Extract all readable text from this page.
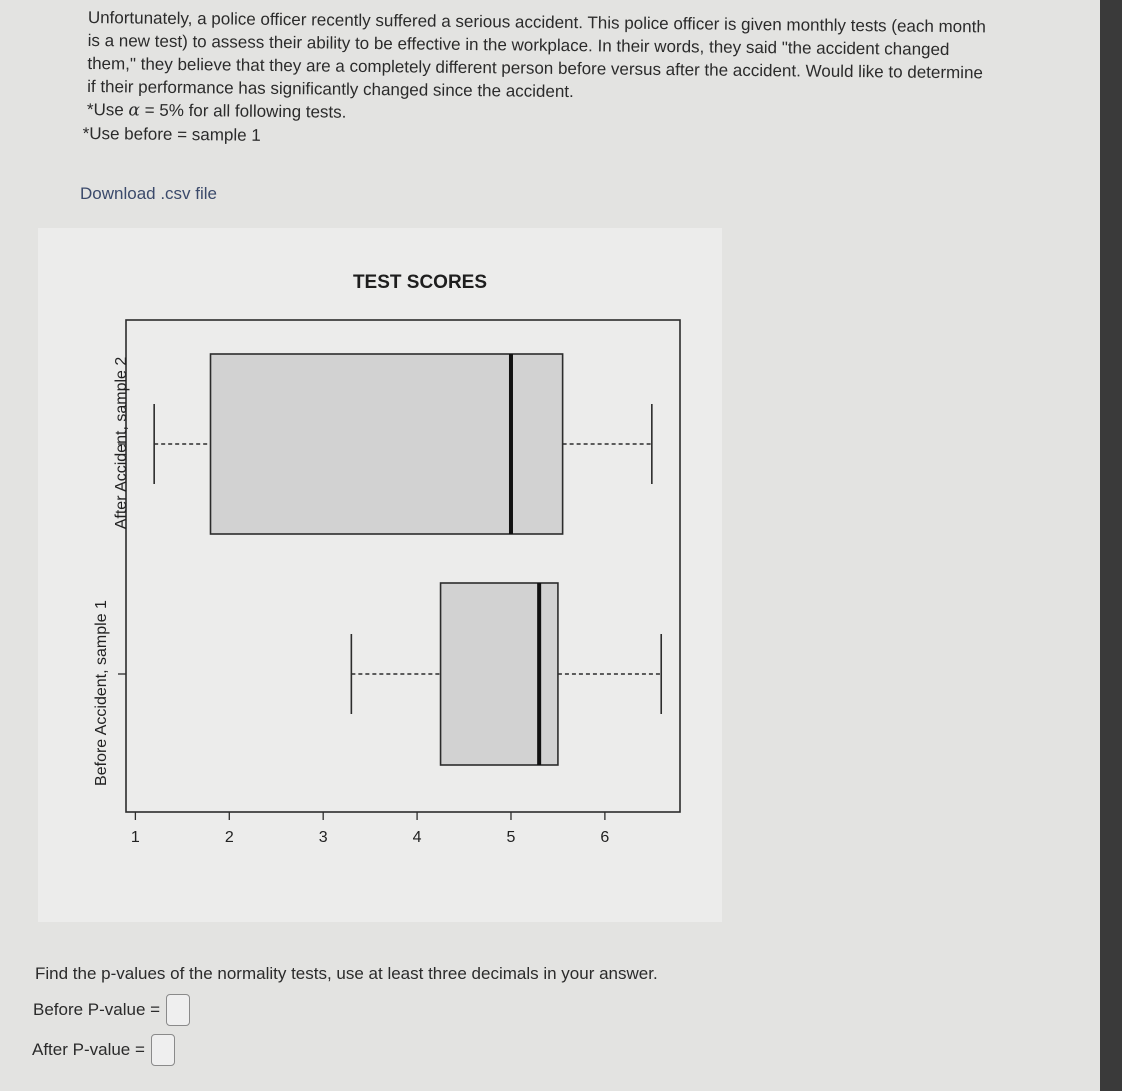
Unfortunately, a police officer recently suffered a serious accident. This police officer is given monthly tests (each month

is a new test) to assess their ability to be effective in the workplace. In their words, they said "the accident changed

them," they believe that they are a completely different person before versus after the accident. Would like to determine

if their performance has significantly changed since the accident.

*Use α = 5% for all following tests.

*Use before = sample 1

Download .csv file
TEST SCORES
1	2	3	4	5	6
Before Accident, sample 1
After Accident, sample 2
Find the p-values of the normality tests, use at least three decimals in your answer.
Before P-value =
After P-value =
